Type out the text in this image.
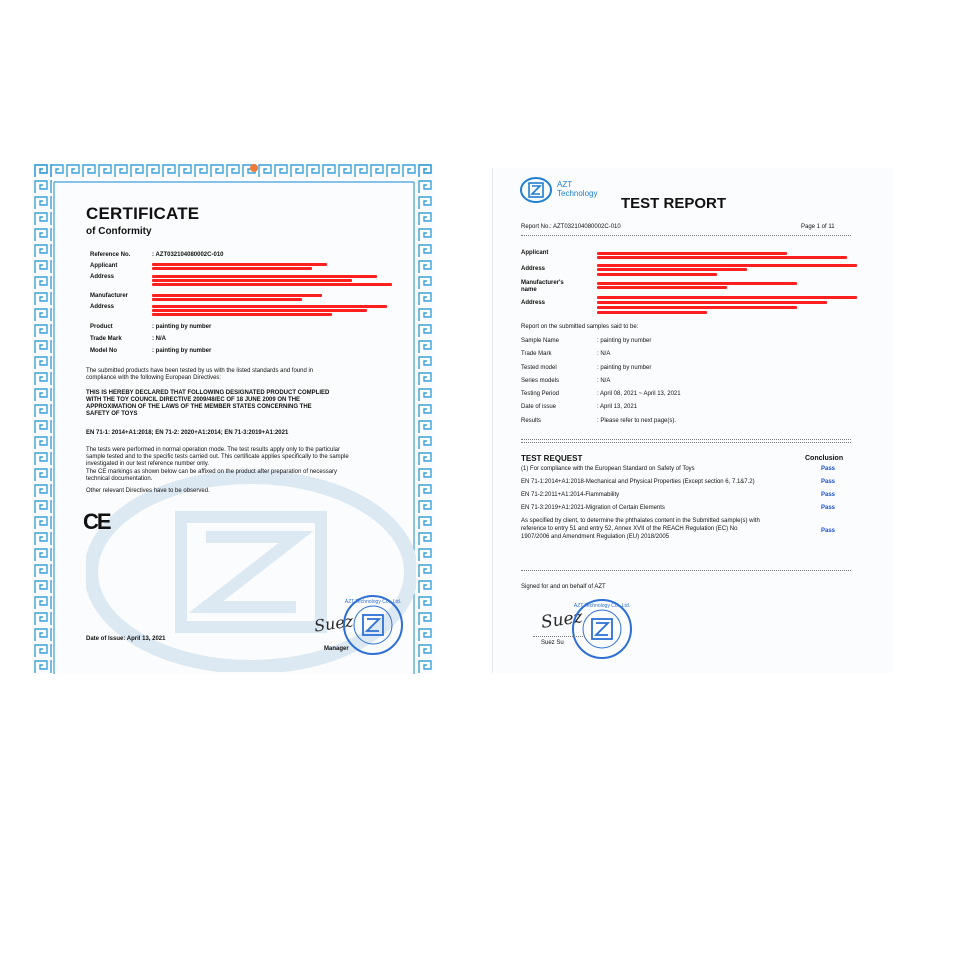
CERTIFICATE
of Conformity
Reference No.	: AZT032104080002C-010
Applicant
Address
Manufacturer
Address
Product	: painting by number
Trade Mark	: N/A
Model No	: painting by number
The submitted products have been tested by us with the listed standards and found in
compliance with the following European Directives:
THIS IS HEREBY DECLARED THAT FOLLOWING DESIGNATED PRODUCT COMPLIED
WITH THE TOY COUNCIL DIRECTIVE 2009/48/EC OF 18 JUNE 2009 ON THE
APPROXIMATION OF THE LAWS OF THE MEMBER STATES CONCERNING THE
SAFETY OF TOYS
EN 71-1: 2014+A1:2018; EN 71-2: 2020+A1:2014; EN 71-3:2019+A1:2021
The tests were performed in normal operation mode. The test results apply only to the particular
sample tested and to the specific tests carried out. This certificate applies specifically to the sample
investigated in our test reference number only.
The CE markings as shown below can be affixed on the product after preparation of necessary
technical documentation.
Other relevant Directives have to be observed.
CE
Suez
AZT Technology Co., Ltd.
Manager
Date of Issue: April 13, 2021
AZT
Technology
TEST REPORT
Report No.: AZT032104080002C-010	Page 1 of 11
Applicant
Address
Manufacturer's
name
Address
Report on the submitted samples said to be:
Sample Name	: painting by number
Trade Mark	: N/A
Tested model	: painting by number
Series models	: N/A
Testing Period	: April 08, 2021 ~ April 13, 2021
Date of issue	: April 13, 2021
Results	: Please refer to next page(s).
TEST REQUEST	Conclusion
(1) For compliance with the European Standard on Safety of Toys	Pass
EN 71-1:2014+A1:2018-Mechanical and Physical Properties (Except section 6, 7.1&7.2)	Pass
EN 71-2:2011+A1:2014-Flammability	Pass
EN 71-3:2019+A1:2021-Migration of Certain Elements	Pass
As specified by client, to determine the phthalates content in the Submitted sample(s) with
reference to entry 51 and entry 52, Annex XVII of the REACH Regulation (EC) No
1907/2006 and Amendment Regulation (EU) 2018/2005
Pass
Signed for and on behalf of AZT
Suez
AZT Technology Co., Ltd.
Suez Su
